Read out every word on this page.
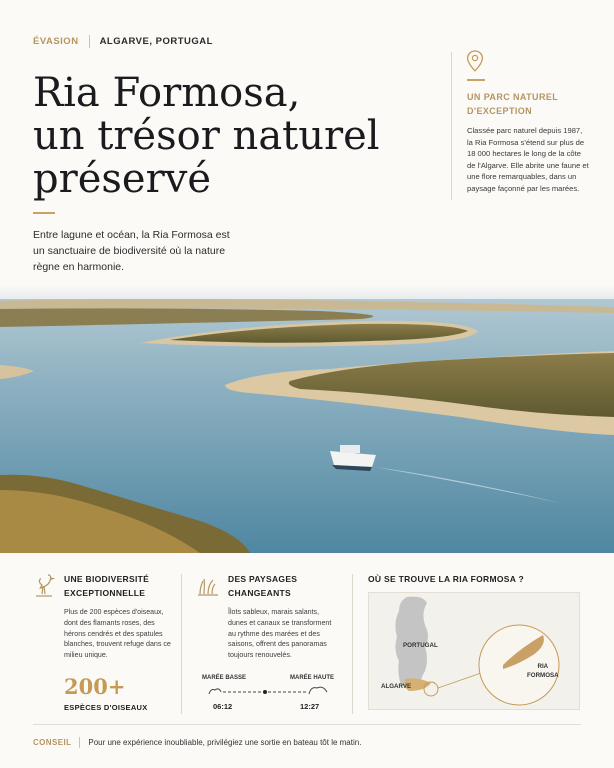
ÉVASION ALGARVE, PORTUGAL
Ria Formosa,
un trésor naturel
préservé

Entre lagune et océan, la Ria Formosa est un sanctuaire de biodiversité où la nature règne en harmonie.

UN PARC NATUREL
D'EXCEPTION

Classée parc naturel depuis 1987, la Ria Formosa s'étend sur plus de 18 000 hectares le long de la côte de l'Algarve. Elle abrite une faune et une flore remarquables, dans un paysage façonné par les marées.

UNE BIODIVERSITÉ
EXCEPTIONNELLE

Plus de 200 espèces d'oiseaux, dont des flamants roses, des hérons cendrés et des spatules blanches, trouvent refuge dans ce milieu unique.

200+
ESPÈCES D'OISEAUX
DES PAYSAGES
CHANGEANTS

Îlots sableux, marais salants, dunes et canaux se transforment au rythme des marées et des saisons, offrent des panoramas toujours renouvelés.

MARÉE BASSE	MARÉE HAUTE
06:12	12:27
OÙ SE TROUVE LA RIA FORMOSA ?
PORTUGAL
ALGARVE
RIA
FORMOSA
CONSEIL Pour une expérience inoubliable, privilégiez une sortie en bateau tôt le matin.
